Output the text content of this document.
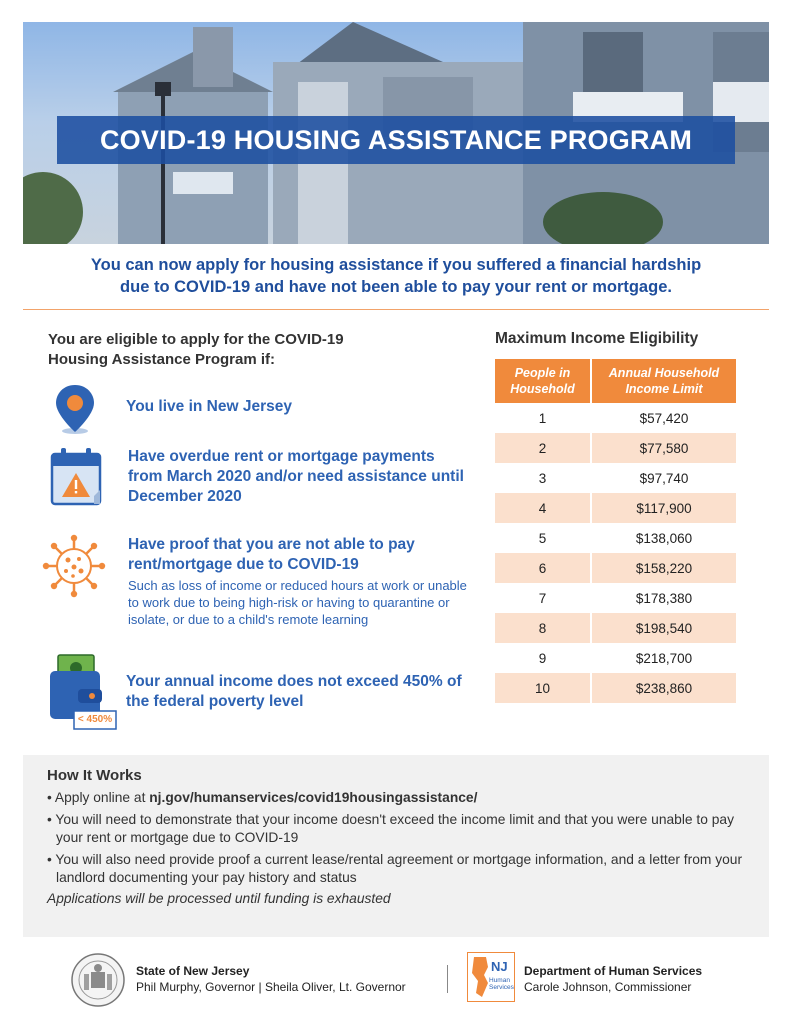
COVID-19 HOUSING ASSISTANCE PROGRAM
You can now apply for housing assistance if you suffered a financial hardship
due to COVID-19 and have not been able to pay your rent or mortgage.
You are eligible to apply for the COVID-19
Housing Assistance Program if:
You live in New Jersey
Have overdue rent or mortgage payments from March 2020 and/or need assistance until December 2020
Have proof that you are not able to pay rent/mortgage due to COVID-19
Such as loss of income or reduced hours at work or unable to work due to being high-risk or having to quarantine or isolate, or due to a child's remote learning
< 450%
Your annual income does not exceed 450% of the federal poverty level
Maximum Income Eligibility
People in Household	Annual Household Income Limit
1	$57,420
2	$77,580
3	$97,740
4	$117,900
5	$138,060
6	$158,220
7	$178,380
8	$198,540
9	$218,700
10	$238,860
How It Works
• Apply online at nj.gov/humanservices/covid19housingassistance/
• You will need to demonstrate that your income doesn't exceed the income limit and that you were unable to pay your rent or mortgage due to COVID-19
• You will also need provide proof a current lease/rental agreement or mortgage information, and a letter from your landlord documenting your pay history and status
Applications will be processed until funding is exhausted
State of New Jersey
Phil Murphy, Governor | Sheila Oliver, Lt. Governor
NJ
Human Services
Department of Human Services
Carole Johnson, Commissioner
